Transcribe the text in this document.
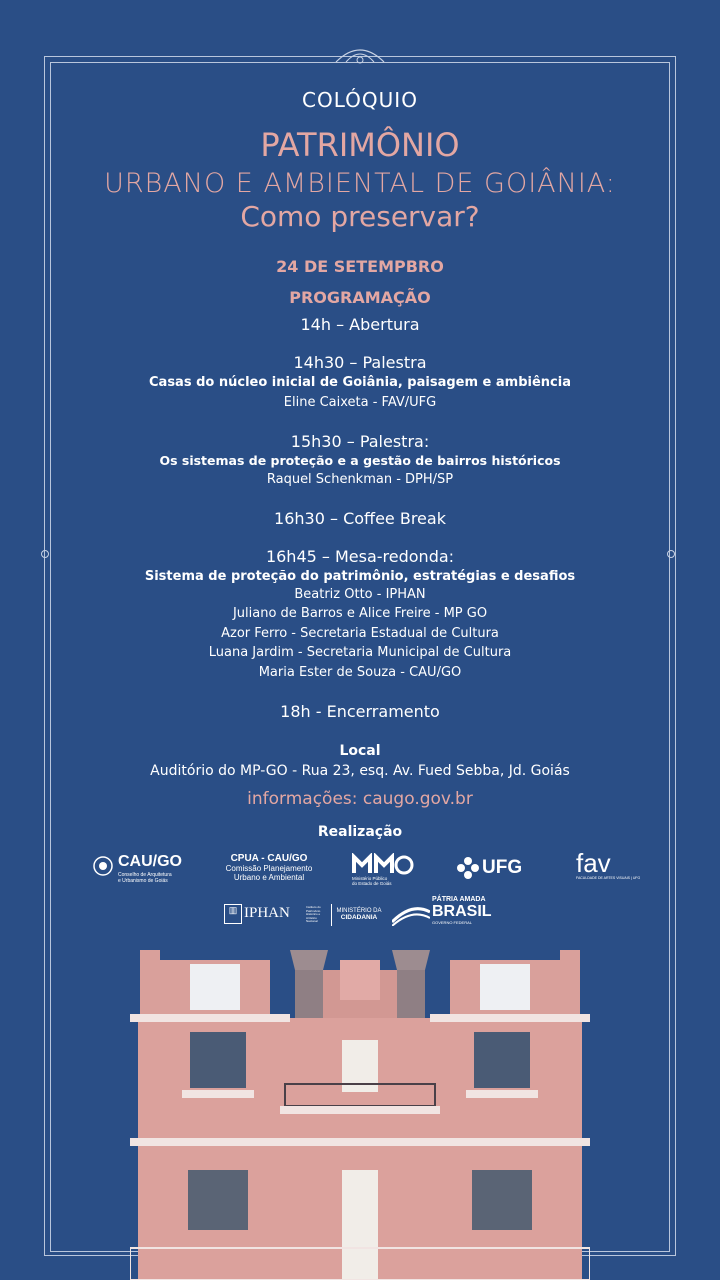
COLÓQUIO
PATRIMÔNIO
URBANO E AMBIENTAL DE GOIÂNIA:
Como preservar?
24 DE SETEMPBRO
PROGRAMAÇÃO
14h – Abertura
14h30 – Palestra
Casas do núcleo inicial de Goiânia, paisagem e ambiência
Eline Caixeta - FAV/UFG
15h30 – Palestra:
Os sistemas de proteção e a gestão de bairros históricos
Raquel Schenkman - DPH/SP
16h30 – Coffee Break
16h45 – Mesa-redonda:
Sistema de proteção do patrimônio, estratégias e desafios
Beatriz Otto - IPHAN
Juliano de Barros e Alice Freire - MP GO
Azor Ferro - Secretaria Estadual de Cultura
Luana Jardim - Secretaria Municipal de Cultura
Maria Ester de Souza - CAU/GO
18h - Encerramento
Local
Auditório do MP-GO - Rua 23, esq. Av. Fued Sebba, Jd. Goiás
informações: caugo.gov.br
Realização
CAU/GO
Conselho de Arquitetura
e Urbanismo de Goiás
CPUA - CAU/GO
Comissão Planejamento
Urbano e Ambiental	Ministério Público
do Estado de Goiás
UFG fav
FACULDADE DE ARTES VISUAIS | UFG
▥ IPHAN	Instituto do Patrimônio Histórico e Artístico Nacional
MINISTÉRIO DA
CIDADANIA
PÁTRIA AMADA
BRASIL
GOVERNO FEDERAL
